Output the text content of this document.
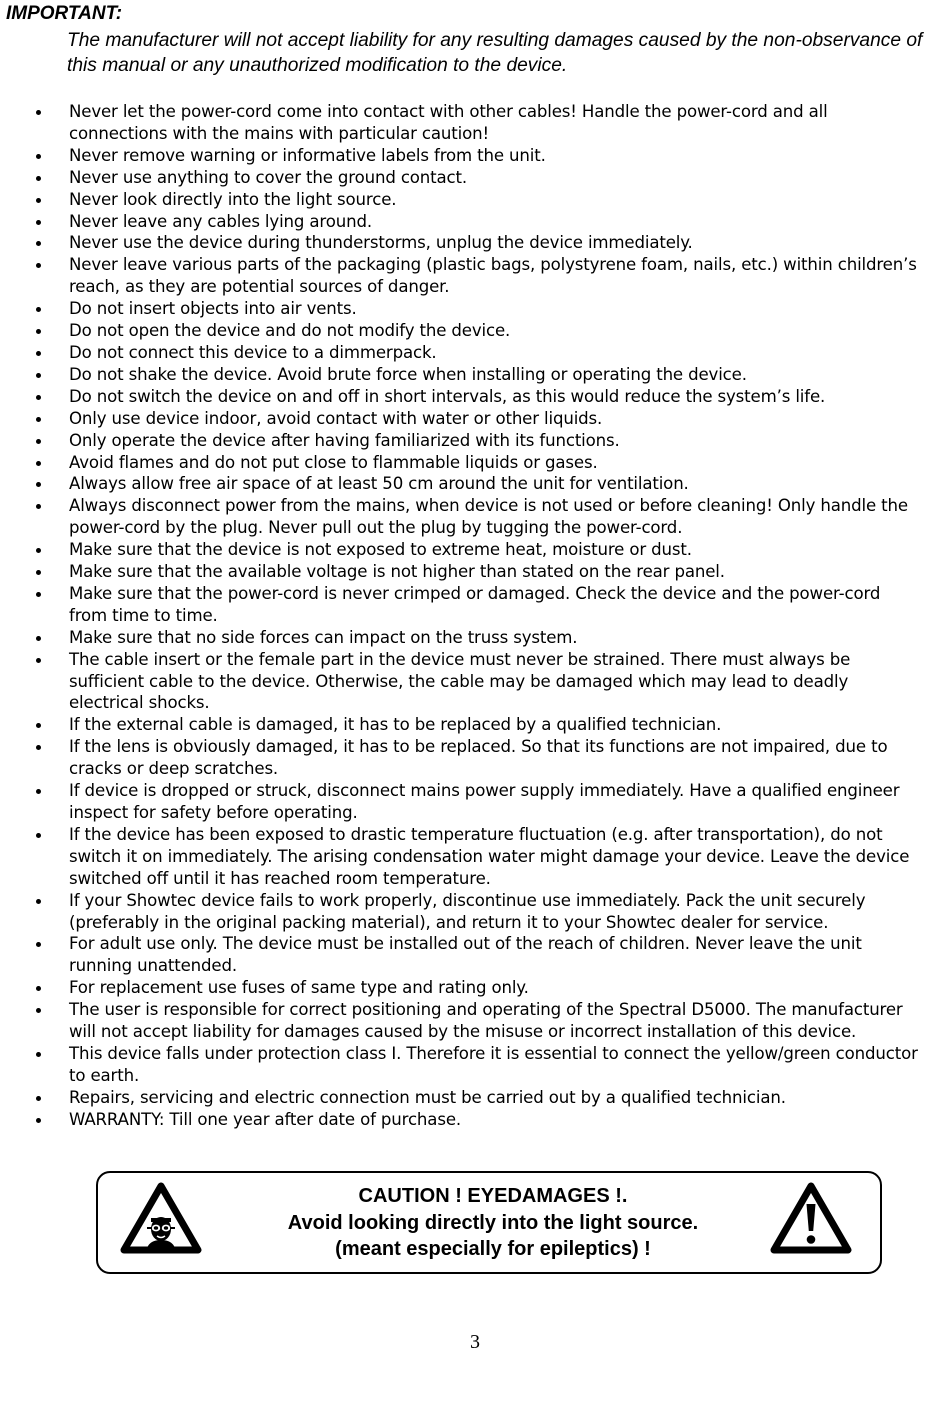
IMPORTANT:

The manufacturer will not accept liability for any resulting damages caused by the non-observance of this manual or any unauthorized modification to the device.

Never let the power-cord come into contact with other cables! Handle the power-cord and all connections with the mains with particular caution!
Never remove warning or informative labels from the unit.
Never use anything to cover the ground contact.
Never look directly into the light source.
Never leave any cables lying around.
Never use the device during thunderstorms, unplug the device immediately.
Never leave various parts of the packaging (plastic bags, polystyrene foam, nails, etc.) within children’s reach, as they are potential sources of danger.
Do not insert objects into air vents.
Do not open the device and do not modify the device.
Do not connect this device to a dimmerpack.
Do not shake the device. Avoid brute force when installing or operating the device.
Do not switch the device on and off in short intervals, as this would reduce the system’s life.
Only use device indoor, avoid contact with water or other liquids.
Only operate the device after having familiarized with its functions.
Avoid flames and do not put close to flammable liquids or gases.
Always allow free air space of at least 50 cm around the unit for ventilation.
Always disconnect power from the mains, when device is not used or before cleaning! Only handle the power-cord by the plug. Never pull out the plug by tugging the power-cord.
Make sure that the device is not exposed to extreme heat, moisture or dust.
Make sure that the available voltage is not higher than stated on the rear panel.
Make sure that the power-cord is never crimped or damaged. Check the device and the power-cord from time to time.
Make sure that no side forces can impact on the truss system.
The cable insert or the female part in the device must never be strained. There must always be sufficient cable to the device. Otherwise, the cable may be damaged which may lead to deadly electrical shocks.
If the external cable is damaged, it has to be replaced by a qualified technician.
If the lens is obviously damaged, it has to be replaced. So that its functions are not impaired, due to cracks or deep scratches.
If device is dropped or struck, disconnect mains power supply immediately. Have a qualified engineer inspect for safety before operating.
If the device has been exposed to drastic temperature fluctuation (e.g. after transportation), do not switch it on immediately. The arising condensation water might damage your device. Leave the device switched off until it has reached room temperature.
If your Showtec device fails to work properly, discontinue use immediately. Pack the unit securely (preferably in the original packing material), and return it to your Showtec dealer for service.
For adult use only. The device must be installed out of the reach of children. Never leave the unit running unattended.
For replacement use fuses of same type and rating only.
The user is responsible for correct positioning and operating of the Spectral D5000. The manufacturer will not accept liability for damages caused by the misuse or incorrect installation of this device.
This device falls under protection class I. Therefore it is essential to connect the yellow/green conductor to earth.
Repairs, servicing and electric connection must be carried out by a qualified technician.
WARRANTY: Till one year after date of purchase.
CAUTION ! EYEDAMAGES !.
Avoid looking directly into the light source.
(meant especially for epileptics) !
3
